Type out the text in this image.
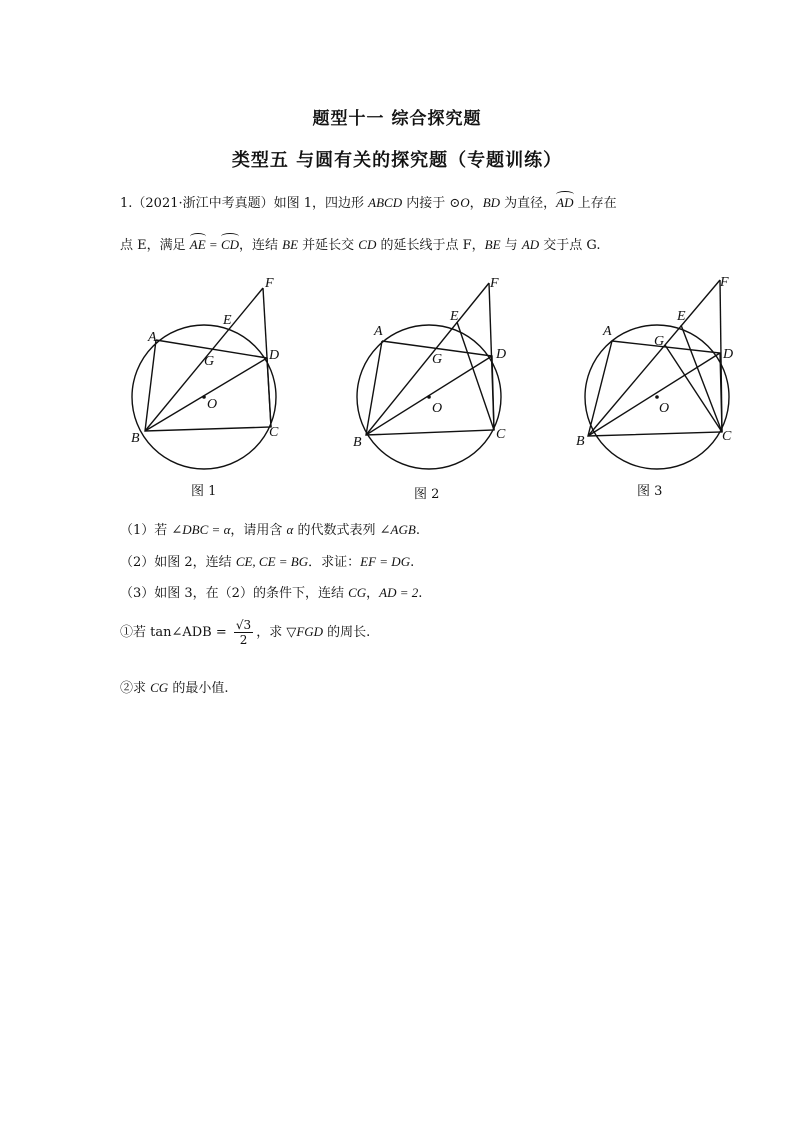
题型十一 综合探究题
类型五 与圆有关的探究题（专题训练）
1.（2021·浙江中考真题）如图 1，四边形 ABCD 内接于 ⊙O，BD 为直径，AD 上存在
点 E，满足 AE = CD，连结 BE 并延长交 CD 的延长线于点 F，BE 与 AD 交于点 G.
A
B	C
D
E
F
G
O
图 1
A
B
C
D
E
F
G
O
图 2
A
B	C
D
E
F
G
O
图 3
（1）若 ∠DBC = α，请用含 α 的代数式表列 ∠AGB.
（2）如图 2，连结 CE, CE = BG．求证：EF = DG.
（3）如图 3，在（2）的条件下，连结 CG，AD = 2.
①若 tan∠ADB = $\frac{√3}{2}$ ，求 ▽FGD 的周长.
②求 CG 的最小值.
